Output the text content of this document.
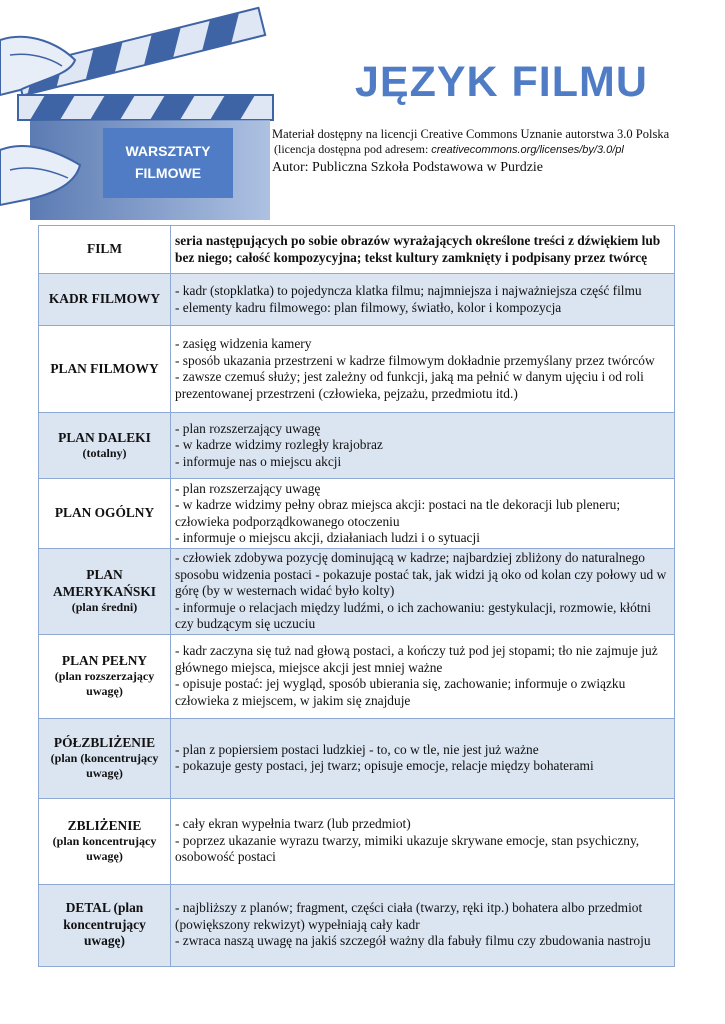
WARSZTATY
FILMOWE
JĘZYK FILMU
Materiał dostępny na licencji Creative Commons Uznanie autorstwa 3.0 Polska
(licencja dostępna pod adresem: creativecommons.org/licenses/by/3.0/pl
Autor: Publiczna Szkoła Podstawowa w Purdzie
FILM	seria następujących po sobie obrazów wyrażających określone treści z dźwiękiem lub bez niego; całość kompozycyjna; tekst kultury zamknięty i podpisany przez twórcę

KADR FILMOWY	- kadr (stopklatka) to pojedyncza klatka filmu; najmniejsza i najważniejsza część filmu
- elementy kadru filmowego: plan filmowy, światło, kolor i kompozycja

PLAN FILMOWY	- zasięg widzenia kamery
- sposób ukazania przestrzeni w kadrze filmowym dokładnie przemyślany przez twórców
- zawsze czemuś służy; jest zależny od funkcji, jaką ma pełnić w danym ujęciu i od roli prezentowanej przestrzeni (człowieka, pejzażu, przedmiotu itd.)

PLAN DALEKI
(totalny)	- plan rozszerzający uwagę
- w kadrze widzimy rozległy krajobraz
- informuje nas o miejscu akcji

PLAN OGÓLNY	- plan rozszerzający uwagę
- w kadrze widzimy pełny obraz miejsca akcji: postaci na tle dekoracji lub pleneru; człowieka podporządkowanego otoczeniu
- informuje o miejscu akcji, działaniach ludzi i o sytuacji

PLAN AMERYKAŃSKI
(plan średni)	- człowiek zdobywa pozycję dominującą w kadrze; najbardziej zbliżony do naturalnego sposobu widzenia postaci - pokazuje postać tak, jak widzi ją oko od kolan czy połowy ud w górę (by w westernach widać było kolty)
- informuje o relacjach między ludźmi, o ich zachowaniu: gestykulacji, rozmowie, kłótni czy budzącym się uczuciu

PLAN PEŁNY
(plan rozszerzający uwagę)	- kadr zaczyna się tuż nad głową postaci, a kończy tuż pod jej stopami; tło nie zajmuje już głównego miejsca, miejsce akcji jest mniej ważne
- opisuje postać: jej wygląd, sposób ubierania się, zachowanie; informuje o związku człowieka z miejscem, w jakim się znajduje

PÓŁZBLIŻENIE
(plan (koncentrujący uwagę)	- plan z popiersiem postaci ludzkiej - to, co w tle, nie jest już ważne
- pokazuje gesty postaci, jej twarz; opisuje emocje, relacje między bohaterami

ZBLIŻENIE
(plan koncentrujący uwagę)	- cały ekran wypełnia twarz (lub przedmiot)
- poprzez ukazanie wyrazu twarzy, mimiki ukazuje skrywane emocje, stan psychiczny, osobowość postaci

DETAL (plan koncentrujący uwagę)	- najbliższy z planów; fragment, części ciała (twarzy, ręki itp.) bohatera albo przedmiot (powiększony rekwizyt) wypełniają cały kadr
- zwraca naszą uwagę na jakiś szczegół ważny dla fabuły filmu czy zbudowania nastroju
